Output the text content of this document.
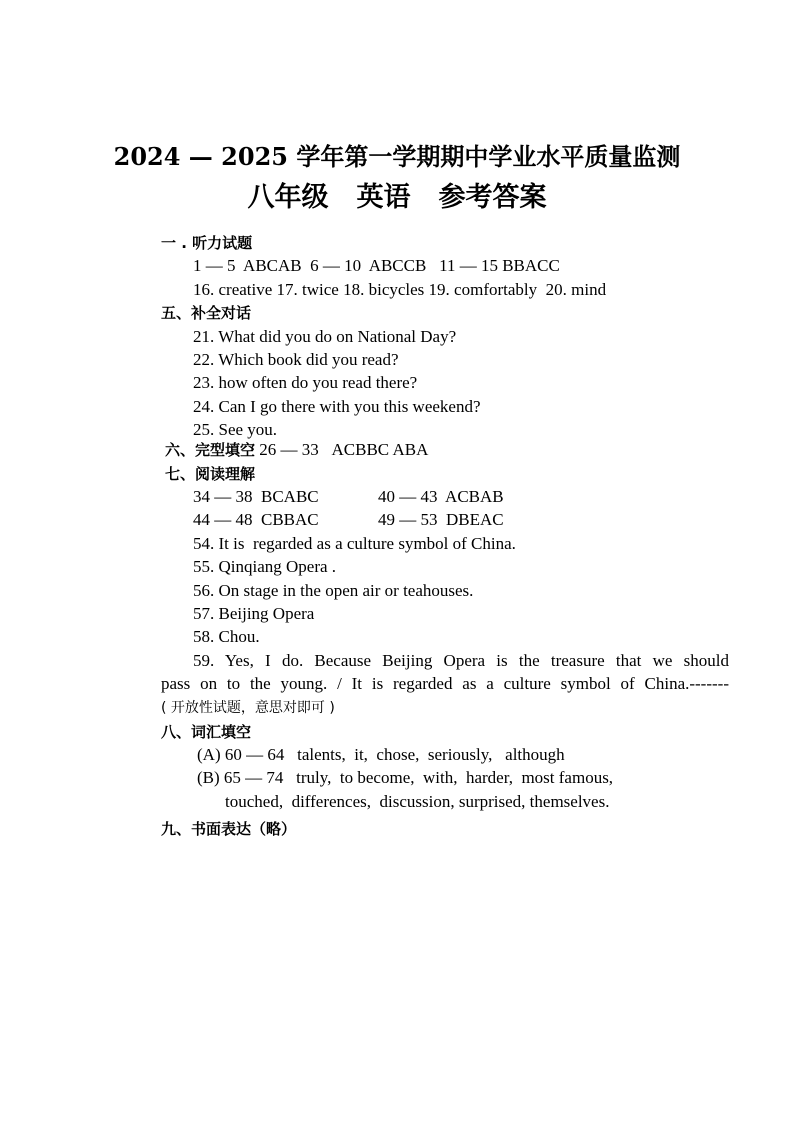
2024 — 2025 学年第一学期期中学业水平质量监测
八年级 英语 参考答案
一 . 听力试题
1 — 5  ABCAB  6 — 10  ABCCB   11 — 15 BBACC
16. creative 17. twice 18. bicycles 19. comfortably  20. mind
五、补全对话
21. What did you do on National Day?
22. Which book did you read?
23. how often do you read there?
24. Can I go there with you this weekend?
25. See you.
六、完型填空 26 — 33   ACBBC ABA
七、阅读理解
34 — 38  BCABC	40 — 43  ACBAB
44 — 48  CBBAC	49 — 53  DBEAC
54. It is  regarded as a culture symbol of China.
55. Qinqiang Opera .
56. On stage in the open air or teahouses.
57. Beijing Opera
58. Chou.
59. Yes, I do. Because Beijing Opera is the treasure that we should
pass on to the young. / It is regarded as a culture symbol of China.-------
( 开放性试题，意思对即可 )
八、词汇填空
(A) 60 — 64   talents,  it,  chose,  seriously,   although
(B) 65 — 74   truly,  to become,  with,  harder,  most famous,
touched,  differences,  discussion, surprised, themselves.
九、书面表达（略）
